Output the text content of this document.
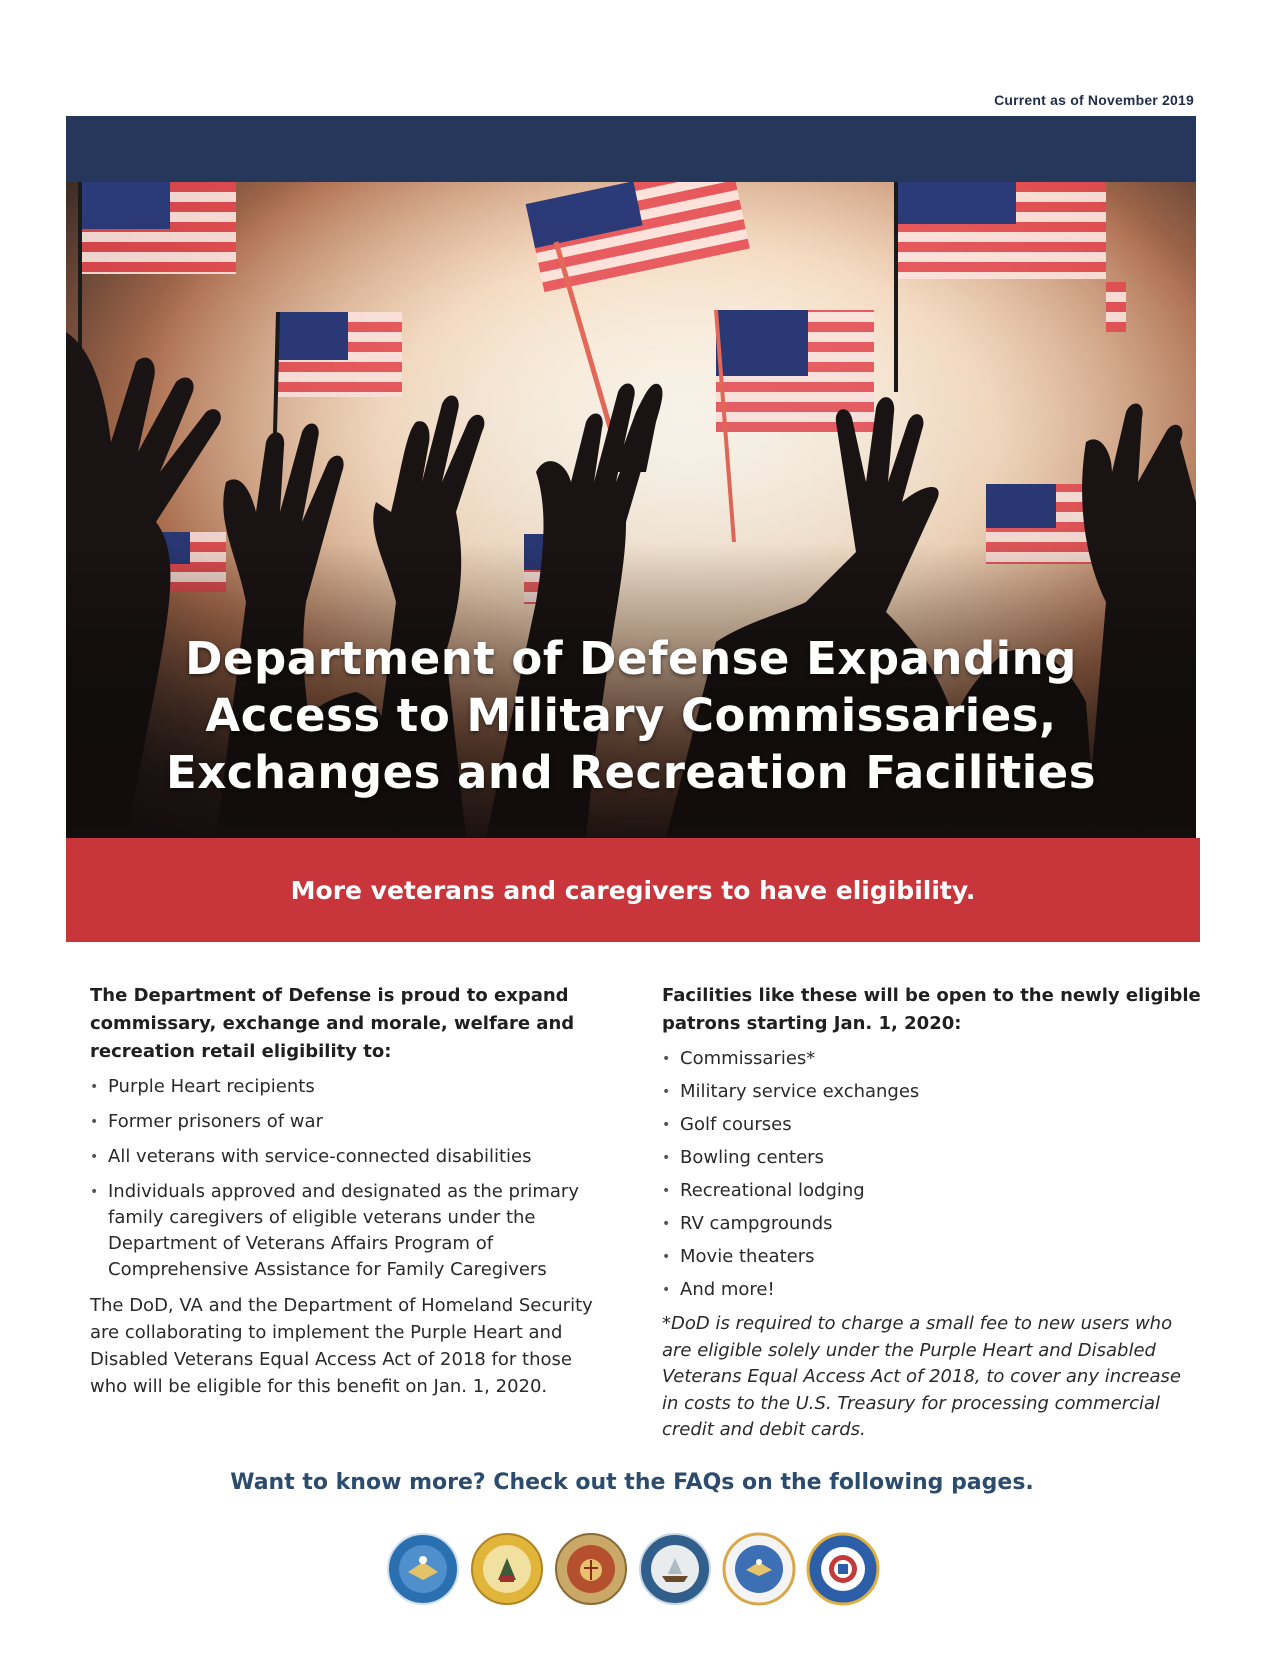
Current as of November 2019
Department of Defense Expanding
Access to Military Commissaries,
Exchanges and Recreation Facilities
More veterans and caregivers to have eligibility.

The Department of Defense is proud to expand commissary, exchange and morale, welfare and recreation retail eligibility to:

• Purple Heart recipients
• Former prisoners of war
• All veterans with service-connected disabilities
• Individuals approved and designated as the primary family caregivers of eligible veterans under the Department of Veterans Affairs Program of Comprehensive Assistance for Family Caregivers

The DoD, VA and the Department of Homeland Security are collaborating to implement the Purple Heart and Disabled Veterans Equal Access Act of 2018 for those who will be eligible for this benefit on Jan. 1, 2020.

Facilities like these will be open to the newly eligible patrons starting Jan. 1, 2020:

• Commissaries*
• Military service exchanges
• Golf courses
• Bowling centers
• Recreational lodging
• RV campgrounds
• Movie theaters
• And more!

*DoD is required to charge a small fee to new users who are eligible solely under the Purple Heart and Disabled Veterans Equal Access Act of 2018, to cover any increase in costs to the U.S. Treasury for processing commercial credit and debit cards.

Want to know more? Check out the FAQs on the following pages.
